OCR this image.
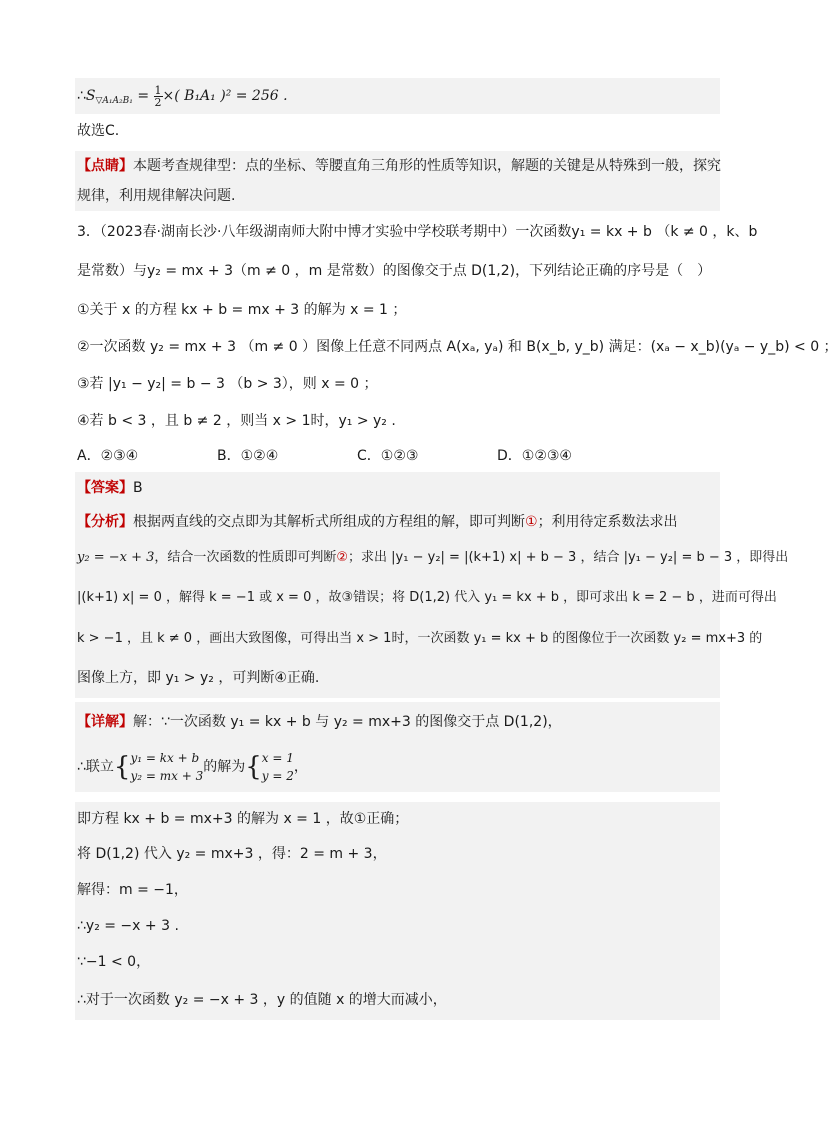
$\therefore S_{▽A_1A_2B_1} = \frac{1}{2}$ ×( B₁A₁ )² = 256 .
故选C.
【点睛】本题考查规律型：点的坐标、等腰直角三角形的性质等知识，解题的关键是从特殊到一般，探究
规律，利用规律解决问题.
3．（2023春·湖南长沙·八年级湖南师大附中博才实验中学校联考期中）一次函数y₁ = kx + b （k ≠ 0 ，k、b
是常数）与y₂ = mx + 3（m ≠ 0 ，m 是常数）的图像交于点 D(1,2)，下列结论正确的序号是（　）
①关于 x 的方程 kx + b = mx + 3 的解为 x = 1 ；
②一次函数 y₂ = mx + 3 （m ≠ 0 ）图像上任意不同两点 A(xₐ, yₐ) 和 B(x_b, y_b) 满足：(xₐ − x_b)(yₐ − y_b) < 0 ；
③若 |y₁ − y₂| = b − 3 （b > 3），则 x = 0 ；
④若 b < 3 ，且 b ≠ 2 ，则当 x > 1时，y₁ > y₂ .
A．②③④	B．①②④	C．①②③	D．①②③④
【答案】B
【分析】根据两直线的交点即为其解析式所组成的方程组的解，即可判断①；利用待定系数法求出
y₂ = −x + 3，结合一次函数的性质即可判断②；求出 |y₁ − y₂| = |(k+1) x| + b − 3 ，结合 |y₁ − y₂| = b − 3 ，即得出
|(k+1) x| = 0 ，解得 k = −1 或 x = 0 ，故③错误；将 D(1,2) 代入 y₁ = kx + b ，即可求出 k = 2 − b ，进而可得出
k > −1 ，且 k ≠ 0 ，画出大致图像，可得出当 x > 1时，一次函数 y₁ = kx + b 的图像位于一次函数 y₂ = mx+3 的
图像上方，即 y₁ > y₂ ，可判断④正确.
【详解】解：∵一次函数 y₁ = kx + b 与 y₂ = mx+3 的图像交于点 D(1,2)，
∴联立{ y₁ = kx + b
y₂ = mx + 3
的解为{ x = 1
y = 2
，
即方程 kx + b = mx+3 的解为 x = 1 ，故①正确；
将 D(1,2) 代入 y₂ = mx+3 ，得：2 = m + 3，
解得：m = −1，
∴y₂ = −x + 3 .
∵−1 < 0，
∴对于一次函数 y₂ = −x + 3 ，y 的值随 x 的增大而减小，
